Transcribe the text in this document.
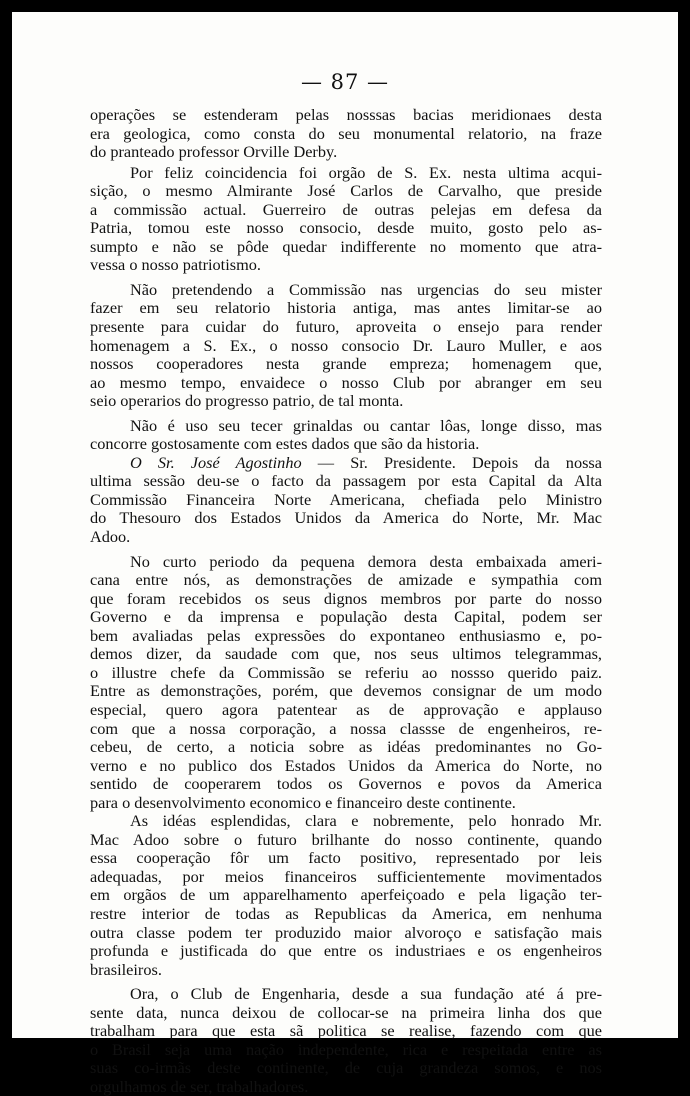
— 87 —

operações se estenderam pelas nosssas bacias meridionaes desta
era geologica, como consta do seu monumental relatorio, na fraze
do pranteado professor Orville Derby.

Por feliz coincidencia foi orgão de S. Ex. nesta ultima acqui-
sição, o mesmo Almirante José Carlos de Carvalho, que preside
a commissão actual. Guerreiro de outras pelejas em defesa da
Patria, tomou este nosso consocio, desde muito, gosto pelo as-
sumpto e não se pôde quedar indifferente no momento que atra-
vessa o nosso patriotismo.

Não pretendendo a Commissão nas urgencias do seu mister
fazer em seu relatorio historia antiga, mas antes limitar-se ao
presente para cuidar do futuro, aproveita o ensejo para render
homenagem a S. Ex., o nosso consocio Dr. Lauro Muller, e aos
nossos cooperadores nesta grande empreza; homenagem que,
ao mesmo tempo, envaidece o nosso Club por abranger em seu
seio operarios do progresso patrio, de tal monta.

Não é uso seu tecer grinaldas ou cantar lôas, longe disso, mas
concorre gostosamente com estes dados que são da historia.

O Sr. José Agostinho — Sr. Presidente. Depois da nossa
ultima sessão deu-se o facto da passagem por esta Capital da Alta
Commissão Financeira Norte Americana, chefiada pelo Ministro
do Thesouro dos Estados Unidos da America do Norte, Mr. Mac
Adoo.

No curto periodo da pequena demora desta embaixada ameri-
cana entre nós, as demonstrações de amizade e sympathia com
que foram recebidos os seus dignos membros por parte do nosso
Governo e da imprensa e população desta Capital, podem ser
bem avaliadas pelas expressões do expontaneo enthusiasmo e, po-
demos dizer, da saudade com que, nos seus ultimos telegrammas,
o illustre chefe da Commissão se referiu ao nossso querido paiz.
Entre as demonstrações, porém, que devemos consignar de um modo
especial, quero agora patentear as de approvação e applauso
com que a nossa corporação, a nossa classse de engenheiros, re-
cebeu, de certo, a noticia sobre as idéas predominantes no Go-
verno e no publico dos Estados Unidos da America do Norte, no
sentido de cooperarem todos os Governos e povos da America
para o desenvolvimento economico e financeiro deste continente.

As idéas esplendidas, clara e nobremente, pelo honrado Mr.
Mac Adoo sobre o futuro brilhante do nosso continente, quando
essa cooperação fôr um facto positivo, representado por leis
adequadas, por meios financeiros sufficientemente movimentados
em orgãos de um apparelhamento aperfeiçoado e pela ligação ter-
restre interior de todas as Republicas da America, em nenhuma
outra classe podem ter produzido maior alvoroço e satisfação mais
profunda e justificada do que entre os industriaes e os engenheiros
brasileiros.

Ora, o Club de Engenharia, desde a sua fundação até á pre-
sente data, nunca deixou de collocar-se na primeira linha dos que
trabalham para que esta sã politica se realise, fazendo com que
o Brasil seja uma nação independente, rica e respeitada entre as
suas co-irmãs deste continente, de cuja grandeza somos, e nos
orgulhamos de ser, trabalhadores.
